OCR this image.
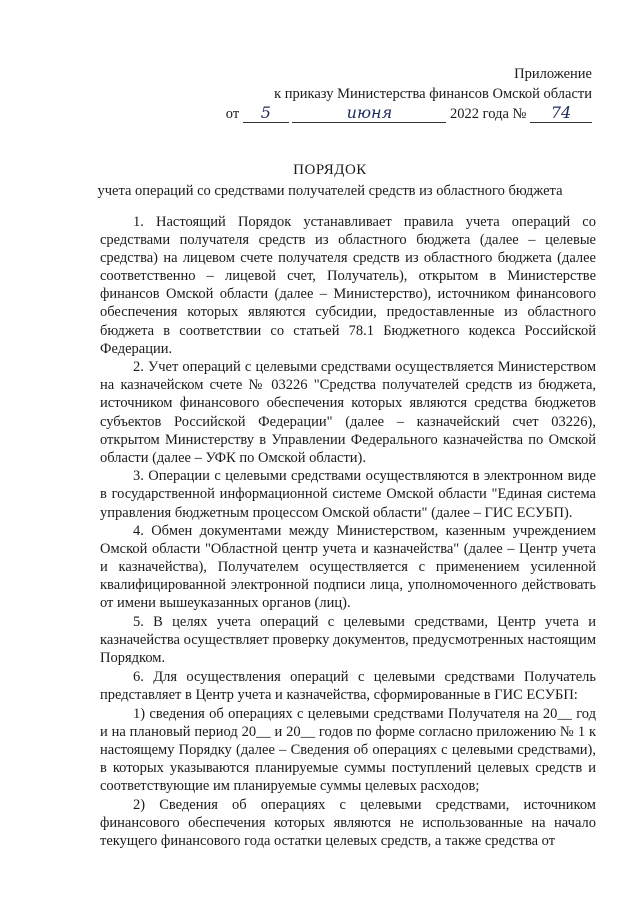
Приложение
к приказу Министерства финансов Омской области
от 5	июня	2022 года № 74
ПОРЯДОК
учета операций со средствами получателей средств из областного бюджета

1. Настоящий Порядок устанавливает правила учета операций со средствами получателя средств из областного бюджета (далее – целевые средства) на лицевом счете получателя средств из областного бюджета (далее соответственно – лицевой счет, Получатель), открытом в Министерстве финансов Омской области (далее – Министерство), источником финансового обеспечения которых являются субсидии, предоставленные из областного бюджета в соответствии со статьей 78.1 Бюджетного кодекса Российской Федерации.

2. Учет операций с целевыми средствами осуществляется Министерством на казначейском счете № 03226 "Средства получателей средств из бюджета, источником финансового обеспечения которых являются средства бюджетов субъектов Российской Федерации" (далее – казначейский счет 03226), открытом Министерству в Управлении Федерального казначейства по Омской области (далее – УФК по Омской области).

3. Операции с целевыми средствами осуществляются в электронном виде в государственной информационной системе Омской области "Единая система управления бюджетным процессом Омской области" (далее – ГИС ЕСУБП).

4. Обмен документами между Министерством, казенным учреждением Омской области "Областной центр учета и казначейства" (далее – Центр учета и казначейства), Получателем осуществляется с применением усиленной квалифицированной электронной подписи лица, уполномоченного действовать от имени вышеуказанных органов (лиц).

5. В целях учета операций с целевыми средствами, Центр учета и казначейства осуществляет проверку документов, предусмотренных настоящим Порядком.

6. Для осуществления операций с целевыми средствами Получатель представляет в Центр учета и казначейства, сформированные в ГИС ЕСУБП:

1) сведения об операциях с целевыми средствами Получателя на 20__ год и на плановый период 20__ и 20__ годов по форме согласно приложению № 1 к настоящему Порядку (далее – Сведения об операциях с целевыми средствами), в которых указываются планируемые суммы поступлений целевых средств и соответствующие им планируемые суммы целевых расходов;

2) Сведения об операциях с целевыми средствами, источником финансового обеспечения которых являются не использованные на начало текущего финансового года остатки целевых средств, а также средства от
